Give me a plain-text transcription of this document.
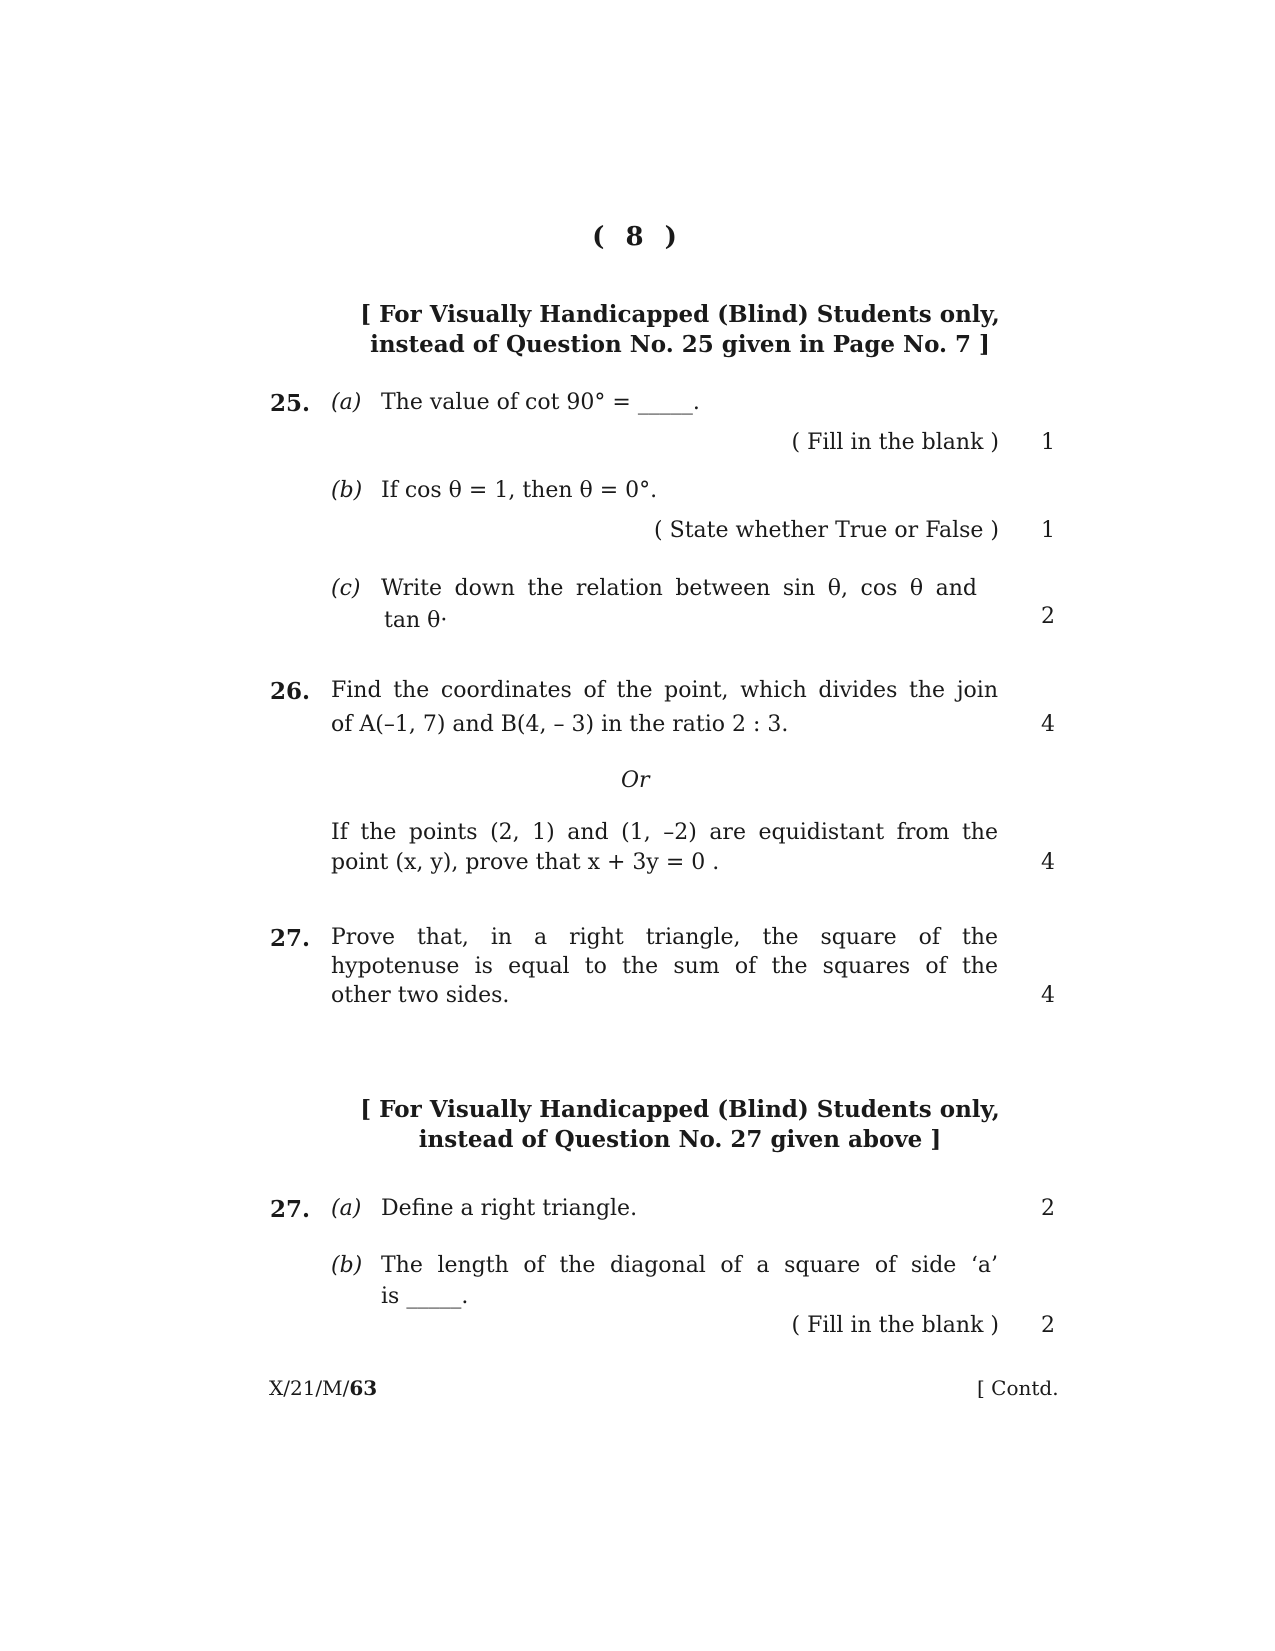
( 8 )
[ For Visually Handicapped (Blind) Students only,
instead of Question No. 25 given in Page No. 7 ]
25. (a) The value of cot 90° = _____.
( Fill in the blank )	1
(b) If cos θ = 1, then θ = 0°.
( State whether True or False )	1
(c) Write down the relation between sin θ, cos θ and
tan θ·	2
26. Find the coordinates of the point, which divides the join
of A(–1, 7) and B(4, – 3) in the ratio 2 : 3.	4
Or
If the points (2, 1) and (1, –2) are equidistant from the
point (x, y), prove that x + 3y = 0 .	4
27. Prove that, in a right triangle, the square of the
hypotenuse is equal to the sum of the squares of the
other two sides.	4
[ For Visually Handicapped (Blind) Students only,
instead of Question No. 27 given above ]
27. (a) Define a right triangle.	2
(b) The length of the diagonal of a square of side ‘a’
is _____.
( Fill in the blank )	2
X/21/M/63	[ Contd.
